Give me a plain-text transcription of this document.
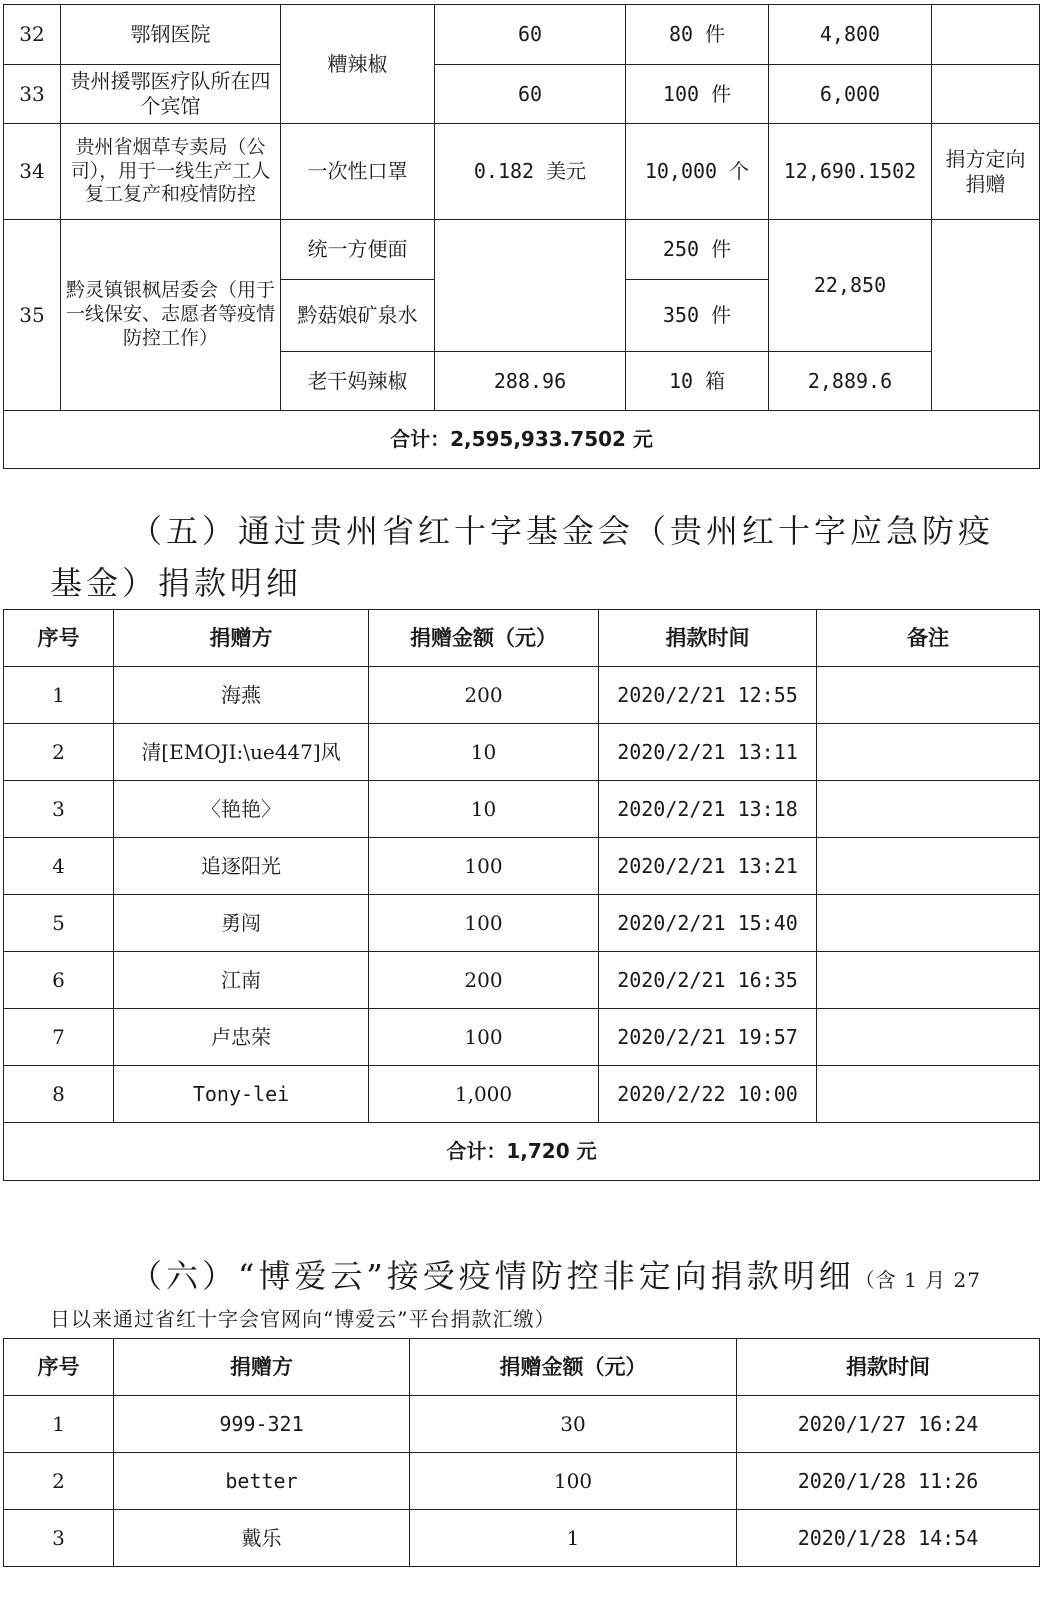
32	鄂钢医院	糟辣椒	60	80 件	4,800	
33	贵州援鄂医疗队所在四个宾馆		60	100 件	6,000	
34	贵州省烟草专卖局（公司），用于一线生产工人复工复产和疫情防控	一次性口罩	0.182 美元	10,000 个	12,690.1502	捐方定向捐赠
35	黔灵镇银枫居委会（用于一线保安、志愿者等疫情防控工作）	统一方便面		250 件	22,850	
		黔菇娘矿泉水		350 件		
		老干妈辣椒	288.96	10 箱	2,889.6	
合计：2,595,933.7502 元						
（五）通过贵州省红十字基金会（贵州红十字应急防疫
基金）捐款明细
序号	捐赠方	捐赠金额（元）	捐款时间	备注
1	海燕	200	2020/2/21 12:55	
2	清[EMOJI:\ue447]风	10	2020/2/21 13:11	
3	〈艳艳〉	10	2020/2/21 13:18	
4	追逐阳光	100	2020/2/21 13:21	
5	勇闯	100	2020/2/21 15:40	
6	江南	200	2020/2/21 16:35	
7	卢忠荣	100	2020/2/21 19:57	
8	Tony-lei	1,000	2020/2/22 10:00	
合计：1,720 元				
（六）“博爱云”接受疫情防控非定向捐款明细（含 1 月 27
日以来通过省红十字会官网向“博爱云”平台捐款汇缴）
序号	捐赠方	捐赠金额（元）	捐款时间
1	999-321	30	2020/1/27 16:24
2	better	100	2020/1/28 11:26
3	戴乐	1	2020/1/28 14:54
